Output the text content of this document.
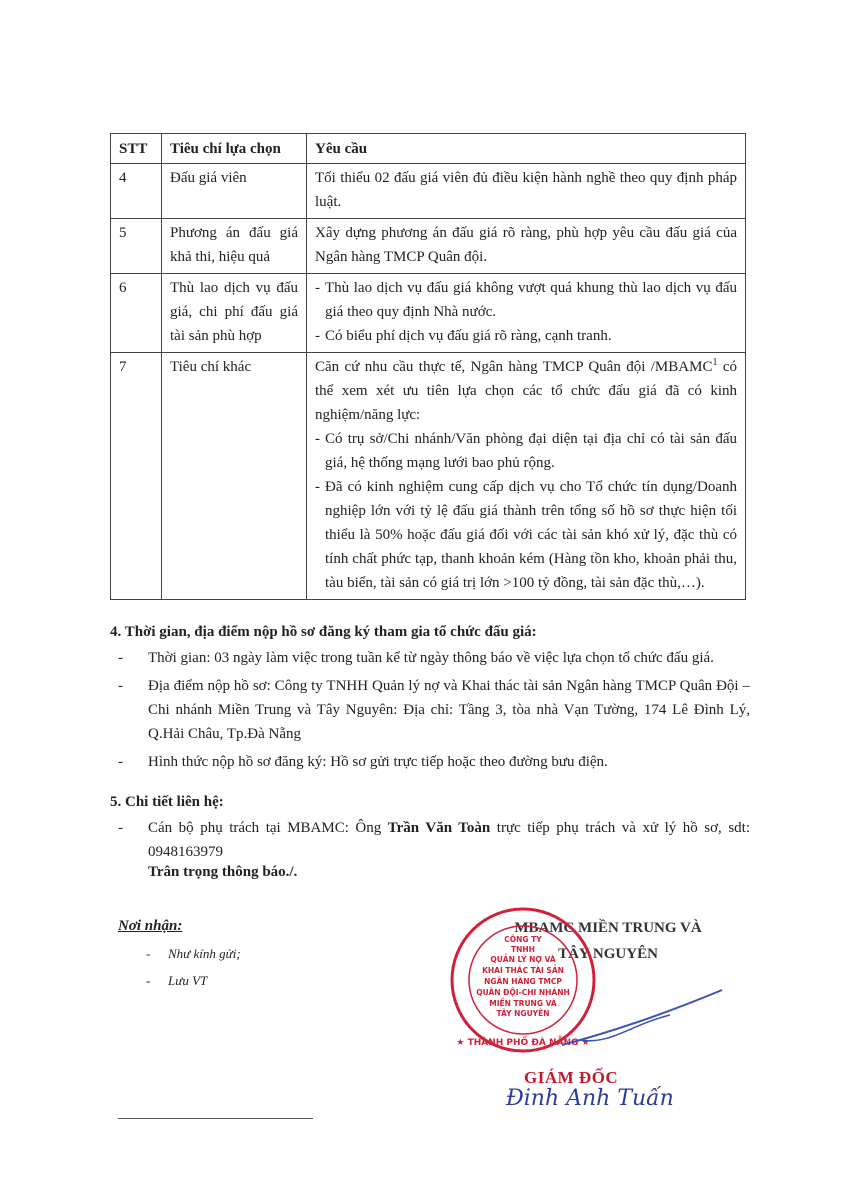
STT	Tiêu chí lựa chọn	Yêu cầu
4	Đấu giá viên	Tối thiểu 02 đấu giá viên đủ điều kiện hành nghề theo quy định pháp luật.
5	Phương án đấu giá khả thi, hiệu quả	Xây dựng phương án đấu giá rõ ràng, phù hợp yêu cầu đấu giá của Ngân hàng TMCP Quân đội.
6	Thù lao dịch vụ đấu giá, chi phí đấu giá tài sản phù hợp	- Thù lao dịch vụ đấu giá không vượt quá khung thù lao dịch vụ đấu giá theo quy định Nhà nước.
- Có biểu phí dịch vụ đấu giá rõ ràng, cạnh tranh.

7	Tiêu chí khác	Căn cứ nhu cầu thực tế, Ngân hàng TMCP Quân đội /MBAMC$^1$ có thể xem xét ưu tiên lựa chọn các tổ chức đấu giá đã có kinh nghiệm/năng lực:
- Có trụ sở/Chi nhánh/Văn phòng đại diện tại địa chỉ có tài sản đấu giá, hệ thống mạng lưới bao phủ rộng.
- Đã có kinh nghiệm cung cấp dịch vụ cho Tổ chức tín dụng/Doanh nghiệp lớn với tỷ lệ đấu giá thành trên tổng số hồ sơ thực hiện tối thiểu là 50% hoặc đấu giá đối với các tài sản khó xử lý, đặc thù có tính chất phức tạp, thanh khoản kém (Hàng tồn kho, khoản phải thu, tàu biển, tài sản có giá trị lớn >100 tỷ đồng, tài sản đặc thù,…).
4. Thời gian, địa điểm nộp hồ sơ đăng ký tham gia tổ chức đấu giá:
- Thời gian: 03 ngày làm việc trong tuần kể từ ngày thông báo về việc lựa chọn tổ chức đấu giá.
- Địa điểm nộp hồ sơ: Công ty TNHH Quản lý nợ và Khai thác tài sản Ngân hàng TMCP Quân Đội – Chi nhánh Miền Trung và Tây Nguyên: Địa chỉ: Tầng 3, tòa nhà Vạn Tường, 174 Lê Đình Lý, Q.Hải Châu, Tp.Đà Nẵng
- Hình thức nộp hồ sơ đăng ký: Hồ sơ gửi trực tiếp hoặc theo đường bưu điện.
5. Chi tiết liên hệ:
- Cán bộ phụ trách tại MBAMC: Ông Trần Văn Toàn trực tiếp phụ trách và xử lý hồ sơ, sdt: 0948163979
Trân trọng thông báo./.
Nơi nhận:
- Như kính gửi;
- Lưu VT
MBAMC MIỀN TRUNG VÀ
TÂY NGUYÊN
CÔNG TY
TNHH
QUẢN LÝ NỢ VÀ
KHAI THÁC TÀI SẢN
NGÂN HÀNG TMCP
QUÂN ĐỘI-CHI NHÁNH
MIỀN TRUNG VÀ
TÂY NGUYÊN
★ THÀNH PHỐ ĐÀ NẴNG ★
GIÁM ĐỐC
Đinh Anh Tuấn
